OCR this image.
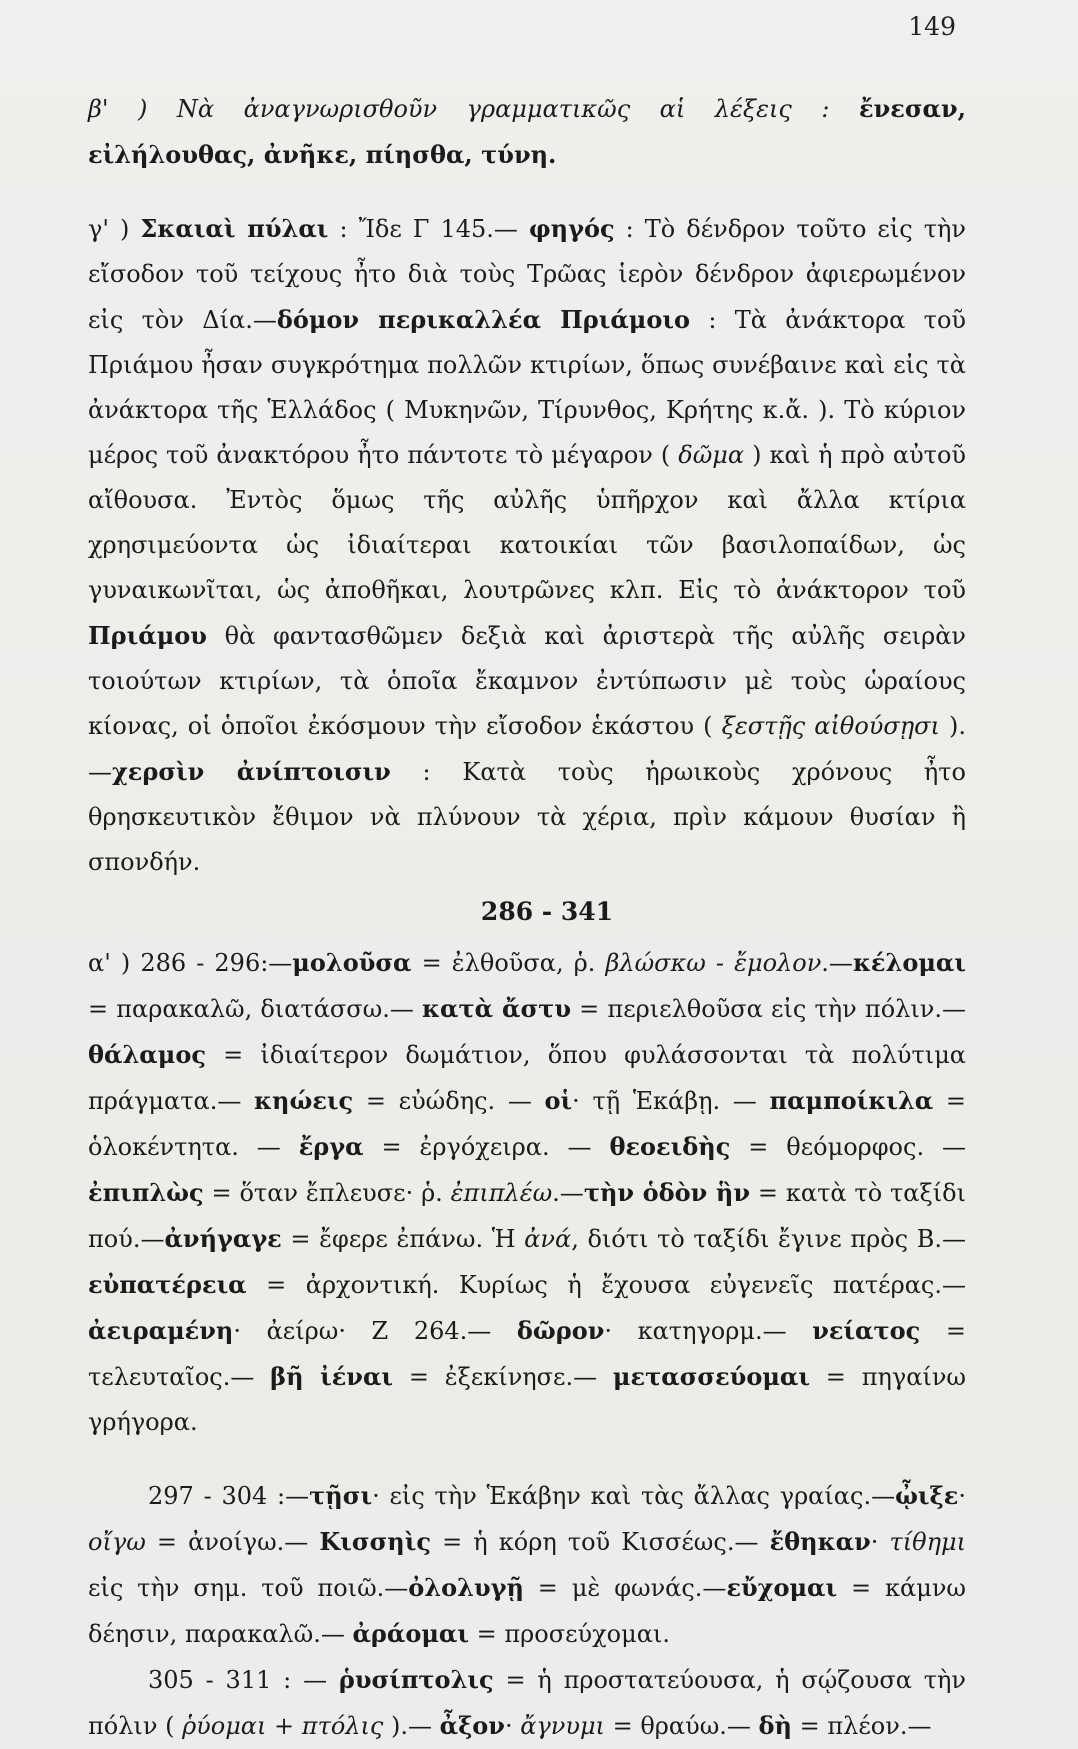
149

β' ) Νὰ ἀναγνωρισθοῦν γραμματικῶς αἱ λέξεις : ἔνεσαν, εἰλήλουθας, ἀνῆκε, πίησθα, τύνη.

γ' ) Σκαιαὶ πύλαι : Ἴδε Γ 145.— φηγός : Τὸ δένδρον τοῦτο εἰς τὴν εἴσοδον τοῦ τείχους ἦτο διὰ τοὺς Τρῶας ἱερὸν δένδρον ἀφιερωμένον εἰς τὸν Δία.—δόμον περικαλλέα Πριάμοιο : Τὰ ἀνάκτορα τοῦ Πριάμου ἦσαν συγκρότημα πολλῶν κτιρίων, ὅπως συνέβαινε καὶ εἰς τὰ ἀνάκτορα τῆς Ἑλλάδος ( Μυκηνῶν, Τίρυνθος, Κρήτης κ.ἄ. ). Τὸ κύριον μέρος τοῦ ἀνακτόρου ἦτο πάντοτε τὸ μέγαρον ( δῶμα ) καὶ ἡ πρὸ αὐτοῦ αἴθουσα. Ἐντὸς ὅμως τῆς αὐλῆς ὑπῆρχον καὶ ἄλλα κτίρια χρησιμεύοντα ὡς ἰδιαίτεραι κατοικίαι τῶν βασιλοπαίδων, ὡς γυναικωνῖται, ὡς ἀποθῆκαι, λουτρῶνες κλπ. Εἰς τὸ ἀνάκτορον τοῦ Πριάμου θὰ φαντασθῶμεν δεξιὰ καὶ ἀριστερὰ τῆς αὐλῆς σειρὰν τοιούτων κτιρίων, τὰ ὁποῖα ἔκαμνον ἐντύπωσιν μὲ τοὺς ὡραίους κίονας, οἱ ὁποῖοι ἐκόσμουν τὴν εἴσοδον ἑκάστου ( ξεστῇς αἰθούσῃσι ).—χερσὶν ἀνίπτοισιν : Κατὰ τοὺς ἡρωικοὺς χρόνους ἦτο θρησκευτικὸν ἔθιμον νὰ πλύνουν τὰ χέρια, πρὶν κάμουν θυσίαν ἢ σπονδήν.

286 - 341

α' ) 286 - 296:—μολοῦσα = ἐλθοῦσα, ῥ. βλώσκω - ἔμολον.—κέλομαι = παρακαλῶ, διατάσσω.— κατὰ ἄστυ = περιελθοῦσα εἰς τὴν πόλιν.—θάλαμος = ἰδιαίτερον δωμάτιον, ὅπου φυλάσσονται τὰ πολύτιμα πράγματα.— κηώεις = εὐώδης. — οἱ· τῇ Ἑκάβῃ. — παμποίκιλα = ὁλοκέντητα. — ἔργα = ἐργόχειρα. — θεοειδὴς = θεόμορφος. — ἐπιπλὼς = ὅταν ἔπλευσε· ῥ. ἐπιπλέω.—τὴν ὁδὸν ἣν = κατὰ τὸ ταξίδι πού.—ἀνήγαγε = ἔφερε ἐπάνω. Ἡ ἀνά, διότι τὸ ταξίδι ἔγινε πρὸς Β.—εὐπατέρεια = ἀρχοντική. Κυρίως ἡ ἔχουσα εὐγενεῖς πατέρας.—ἀειραμένη· ἀείρω· Ζ 264.— δῶρον· κατηγορμ.— νείατος = τελευταῖος.— βῆ ἰέναι = ἐξεκίνησε.— μετασσεύομαι = πηγαίνω γρήγορα.

297 - 304 :—τῇσι· εἰς τὴν Ἑκάβην καὶ τὰς ἄλλας γραίας.—ᾦιξε· οἴγω = ἀνοίγω.— Κισσηὶς = ἡ κόρη τοῦ Κισσέως.— ἔθηκαν· τίθημι εἰς τὴν σημ. τοῦ ποιῶ.—ὀλολυγῇ = μὲ φωνάς.—εὔχομαι = κάμνω δέησιν, παρακαλῶ.— ἀράομαι = προσεύχομαι.

305 - 311 : — ῥυσίπτολις = ἡ προστατεύουσα, ἡ σῴζουσα τὴν πόλιν ( ῥύομαι + πτόλις ).— ἆξον· ἄγνυμι = θραύω.— δὴ = πλέον.—
